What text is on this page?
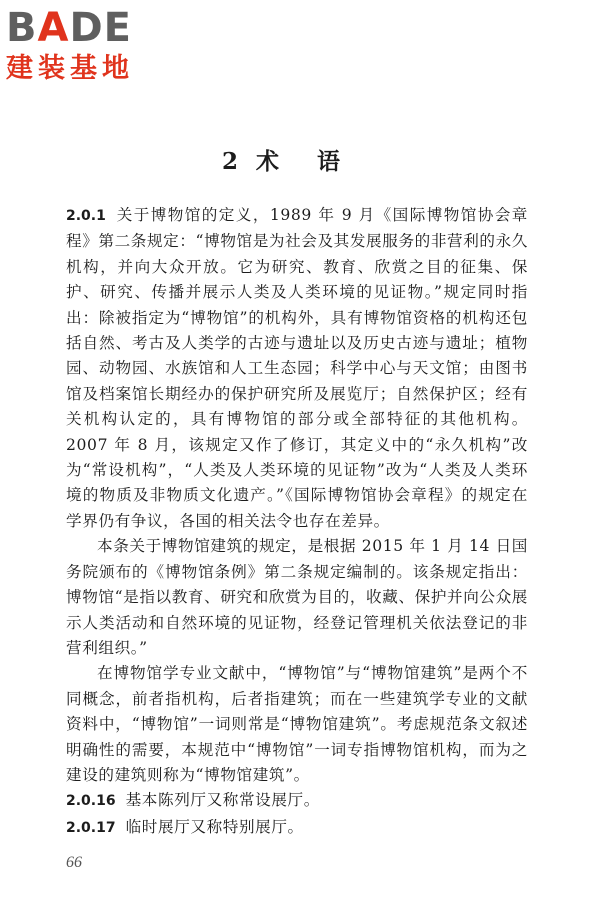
BADE
建装基地
2 术语

2.0.1 关于博物馆的定义，1989 年 9 月《国际博物馆协会章程》第二条规定：“博物馆是为社会及其发展服务的非营利的永久机构，并向大众开放。它为研究、教育、欣赏之目的征集、保护、研究、传播并展示人类及人类环境的见证物。”规定同时指出：除被指定为“博物馆”的机构外，具有博物馆资格的机构还包括自然、考古及人类学的古迹与遗址以及历史古迹与遗址；植物园、动物园、水族馆和人工生态园；科学中心与天文馆；由图书馆及档案馆长期经办的保护研究所及展览厅；自然保护区；经有关机构认定的，具有博物馆的部分或全部特征的其他机构。2007 年 8 月，该规定又作了修订，其定义中的“永久机构”改为“常设机构”，“人类及人类环境的见证物”改为“人类及人类环境的物质及非物质文化遗产。”《国际博物馆协会章程》的规定在学界仍有争议，各国的相关法令也存在差异。

本条关于博物馆建筑的规定，是根据 2015 年 1 月 14 日国务院颁布的《博物馆条例》第二条规定编制的。该条规定指出：博物馆“是指以教育、研究和欣赏为目的，收藏、保护并向公众展示人类活动和自然环境的见证物，经登记管理机关依法登记的非营利组织。”

在博物馆学专业文献中，“博物馆”与“博物馆建筑”是两个不同概念，前者指机构，后者指建筑；而在一些建筑学专业的文献资料中，“博物馆”一词则常是“博物馆建筑”。考虑规范条文叙述明确性的需要，本规范中“博物馆”一词专指博物馆机构，而为之建设的建筑则称为“博物馆建筑”。

2.0.16 基本陈列厅又称常设展厅。

2.0.17 临时展厅又称特别展厅。

66
